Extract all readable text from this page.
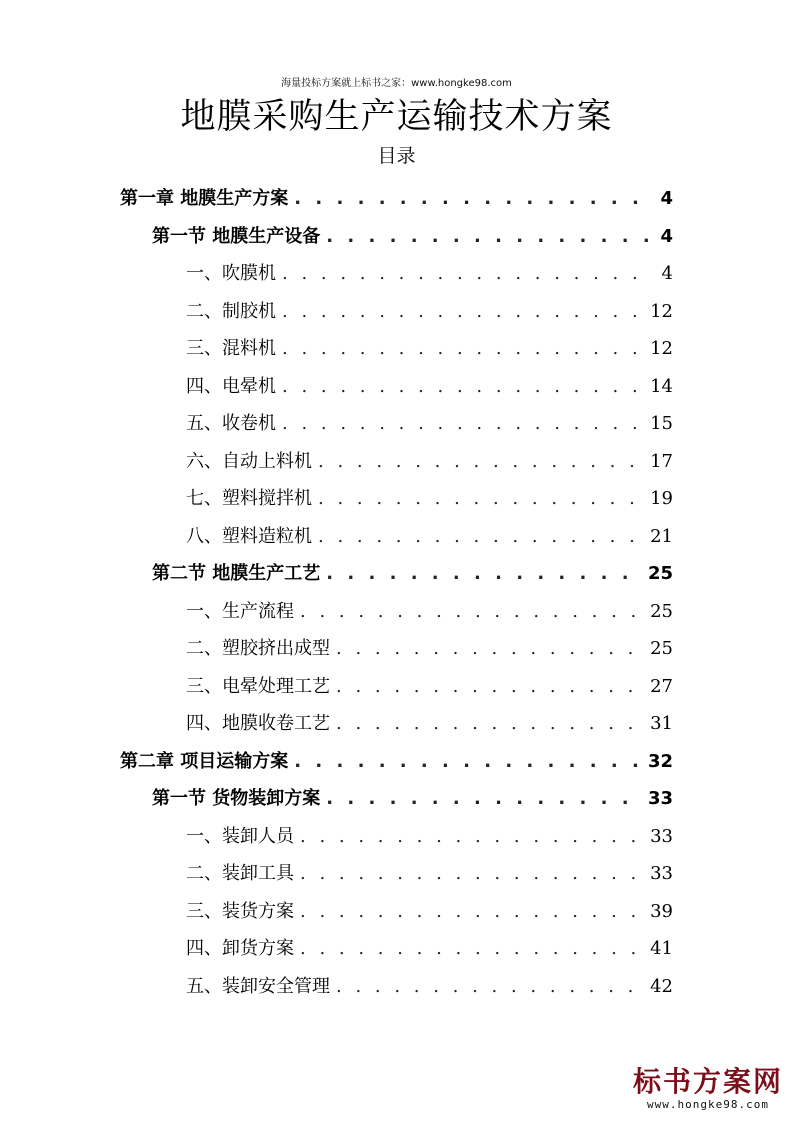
海量投标方案就上标书之家：www.hongke98.com
地膜采购生产运输技术方案
目录
第一章 地膜生产方案 . . .	4
第一节 地膜生产设备 . . .	4
一、吹膜机 . . .	4
二、制胶机 . . .	12
三、混料机 . . .	12
四、电晕机 . . .	14
五、收卷机 . . .	15
六、自动上料机 . . .	17
七、塑料搅拌机 . . .	19
八、塑料造粒机 . . .	21
第二节 地膜生产工艺 . . .	25
一、生产流程 . . .	25
二、塑胶挤出成型 . . .	25
三、电晕处理工艺 . . .	27
四、地膜收卷工艺 . . .	31
第二章 项目运输方案 . . .	32
第一节 货物装卸方案 . . .	33
一、装卸人员 . . .	33
二、装卸工具 . . .	33
三、装货方案 . . .	39
四、卸货方案 . . .	41
五、装卸安全管理 . . .	42
标书方案网
www.hongke98.com
